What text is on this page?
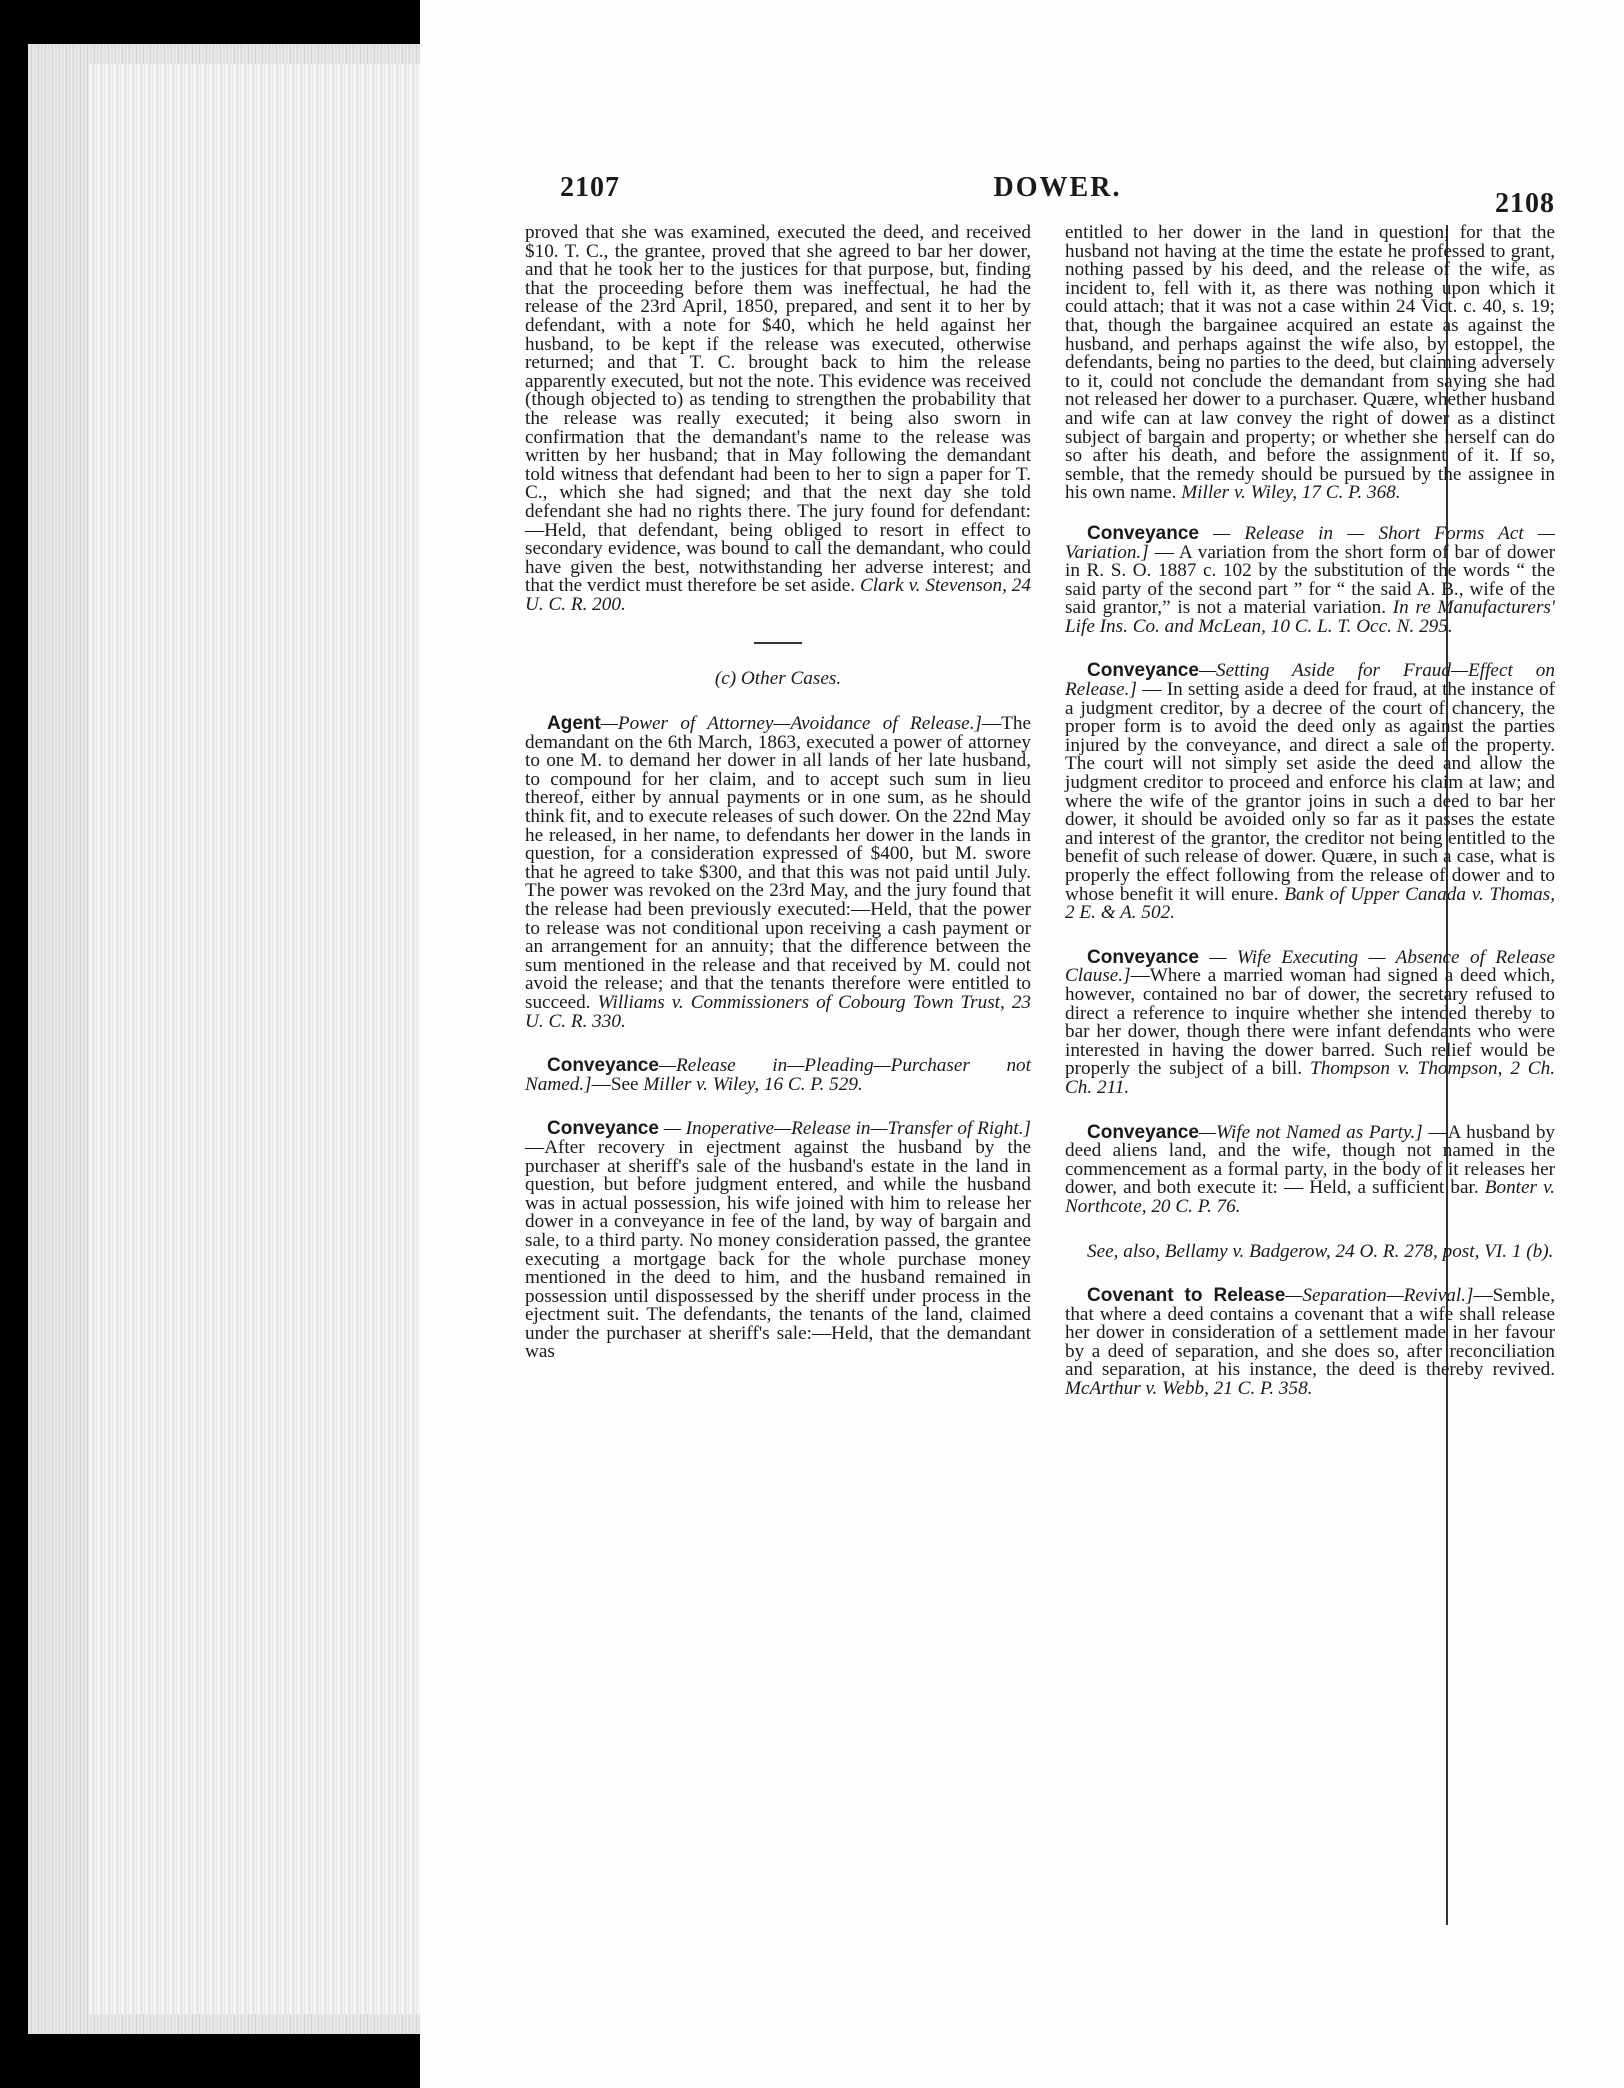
2107	DOWER.
2108

proved that she was examined, executed the deed, and received $10. T. C., the grantee, proved that she agreed to bar her dower, and that he took her to the justices for that purpose, but, finding that the proceeding before them was ineffectual, he had the release of the 23rd April, 1850, prepared, and sent it to her by defendant, with a note for $40, which he held against her husband, to be kept if the release was executed, otherwise returned; and that T. C. brought back to him the release apparently executed, but not the note. This evidence was received (though objected to) as tending to strengthen the probability that the release was really executed; it being also sworn in confirmation that the demandant's name to the release was written by her husband; that in May following the demandant told witness that defendant had been to her to sign a paper for T. C., which she had signed; and that the next day she told defendant she had no rights there. The jury found for defendant:—Held, that defendant, being obliged to resort in effect to secondary evidence, was bound to call the demandant, who could have given the best, notwithstanding her adverse interest; and that the verdict must therefore be set aside. Clark v. Stevenson, 24 U. C. R. 200.

(c) Other Cases.

Agent—Power of Attorney—Avoidance of Release.]—The demandant on the 6th March, 1863, executed a power of attorney to one M. to demand her dower in all lands of her late husband, to compound for her claim, and to accept such sum in lieu thereof, either by annual payments or in one sum, as he should think fit, and to execute releases of such dower. On the 22nd May he released, in her name, to defendants her dower in the lands in question, for a consideration expressed of $400, but M. swore that he agreed to take $300, and that this was not paid until July. The power was revoked on the 23rd May, and the jury found that the release had been previously executed:—Held, that the power to release was not conditional upon receiving a cash payment or an arrangement for an annuity; that the difference between the sum mentioned in the release and that received by M. could not avoid the release; and that the tenants therefore were entitled to succeed. Williams v. Commissioners of Cobourg Town Trust, 23 U. C. R. 330.

Conveyance—Release in—Pleading—Purchaser not Named.]—See Miller v. Wiley, 16 C. P. 529.

Conveyance — Inoperative—Release in—Transfer of Right.]—After recovery in ejectment against the husband by the purchaser at sheriff's sale of the husband's estate in the land in question, but before judgment entered, and while the husband was in actual possession, his wife joined with him to release her dower in a conveyance in fee of the land, by way of bargain and sale, to a third party. No money consideration passed, the grantee executing a mortgage back for the whole purchase money mentioned in the deed to him, and the husband remained in possession until dispossessed by the sheriff under process in the ejectment suit. The defendants, the tenants of the land, claimed under the purchaser at sheriff's sale:—Held, that the demandant was

entitled to her dower in the land in question; for that the husband not having at the time the estate he professed to grant, nothing passed by his deed, and the release of the wife, as incident to, fell with it, as there was nothing upon which it could attach; that it was not a case within 24 Vict. c. 40, s. 19; that, though the bargainee acquired an estate as against the husband, and perhaps against the wife also, by estoppel, the defendants, being no parties to the deed, but claiming adversely to it, could not conclude the demandant from saying she had not released her dower to a purchaser. Quære, whether husband and wife can at law convey the right of dower as a distinct subject of bargain and property; or whether she herself can do so after his death, and before the assignment of it. If so, semble, that the remedy should be pursued by the assignee in his own name. Miller v. Wiley, 17 C. P. 368.

Conveyance — Release in — Short Forms Act — Variation.] — A variation from the short form of bar of dower in R. S. O. 1887 c. 102 by the substitution of the words “ the said party of the second part ” for “ the said A. B., wife of the said grantor,” is not a material variation. In re Manufacturers' Life Ins. Co. and McLean, 10 C. L. T. Occ. N. 295.

Conveyance—Setting Aside for Fraud—Effect on Release.] — In setting aside a deed for fraud, at the instance of a judgment creditor, by a decree of the court of chancery, the proper form is to avoid the deed only as against the parties injured by the conveyance, and direct a sale of the property. The court will not simply set aside the deed and allow the judgment creditor to proceed and enforce his claim at law; and where the wife of the grantor joins in such a deed to bar her dower, it should be avoided only so far as it passes the estate and interest of the grantor, the creditor not being entitled to the benefit of such release of dower. Quære, in such a case, what is properly the effect following from the release of dower and to whose benefit it will enure. Bank of Upper Canada v. Thomas, 2 E. & A. 502.

Conveyance — Wife Executing — Absence of Release Clause.]—Where a married woman had signed a deed which, however, contained no bar of dower, the secretary refused to direct a reference to inquire whether she intended thereby to bar her dower, though there were infant defendants who were interested in having the dower barred. Such relief would be properly the subject of a bill. Thompson v. Thompson, 2 Ch. Ch. 211.

Conveyance—Wife not Named as Party.] —A husband by deed aliens land, and the wife, though not named in the commencement as a formal party, in the body of it releases her dower, and both execute it: — Held, a sufficient bar. Bonter v. Northcote, 20 C. P. 76.

See, also, Bellamy v. Badgerow, 24 O. R. 278, post, VI. 1 (b).

Covenant to Release—Separation—Revival.]—Semble, that where a deed contains a covenant that a wife shall release her dower in consideration of a settlement made in her favour by a deed of separation, and she does so, after reconciliation and separation, at his instance, the deed is thereby revived. McArthur v. Webb, 21 C. P. 358.
